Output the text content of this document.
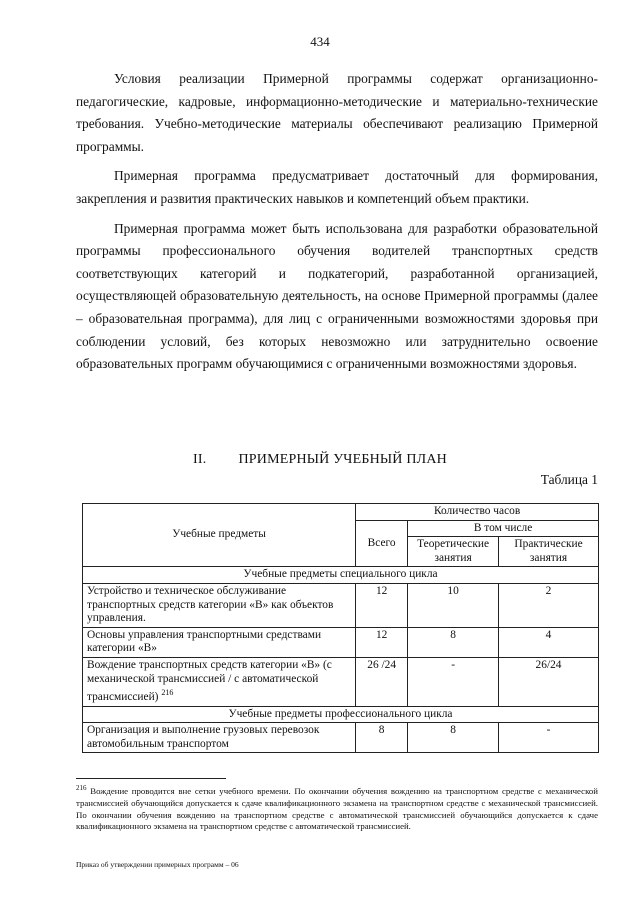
434

Условия реализации Примерной программы содержат организационно-педагогические, кадровые, информационно-методические и материально-технические требования. Учебно-методические материалы обеспечивают реализацию Примерной программы.

Примерная программа предусматривает достаточный для формирования, закрепления и развития практических навыков и компетенций объем практики.

Примерная программа может быть использована для разработки образовательной программы профессионального обучения водителей транспортных средств соответствующих категорий и подкатегорий, разработанной организацией, осуществляющей образовательную деятельность, на основе Примерной программы (далее – образовательная программа), для лиц с ограниченными возможностями здоровья при соблюдении условий, без которых невозможно или затруднительно освоение образовательных программ обучающимися с ограниченными возможностями здоровья.

II. ПРИМЕРНЫЙ УЧЕБНЫЙ ПЛАН
Таблица 1
Учебные предметы	Количество часов		
	Всего	В том числе	
		Теоретические занятия	Практические занятия
Учебные предметы специального цикла			
Устройство и техническое обслуживание транспортных средств категории «В» как объектов управления.	12	10	2
Основы управления транспортными средствами категории «В»	12	8	4
Вождение транспортных средств категории «В» (с механической трансмиссией / с автоматической трансмиссией) $^{216}$	26 /24	-	26/24
Учебные предметы профессионального цикла			
Организация и выполнение грузовых перевозок автомобильным транспортом	8	8	-
$^{216}$ Вождение проводится вне сетки учебного времени. По окончании обучения вождению на транспортном средстве с механической трансмиссией обучающийся допускается к сдаче квалификационного экзамена на транспортном средстве с механической трансмиссией. По окончании обучения вождению на транспортном средстве с автоматической трансмиссией обучающийся допускается к сдаче квалификационного экзамена на транспортном средстве с автоматической трансмиссией.
Приказ об утверждении примерных программ – 06
